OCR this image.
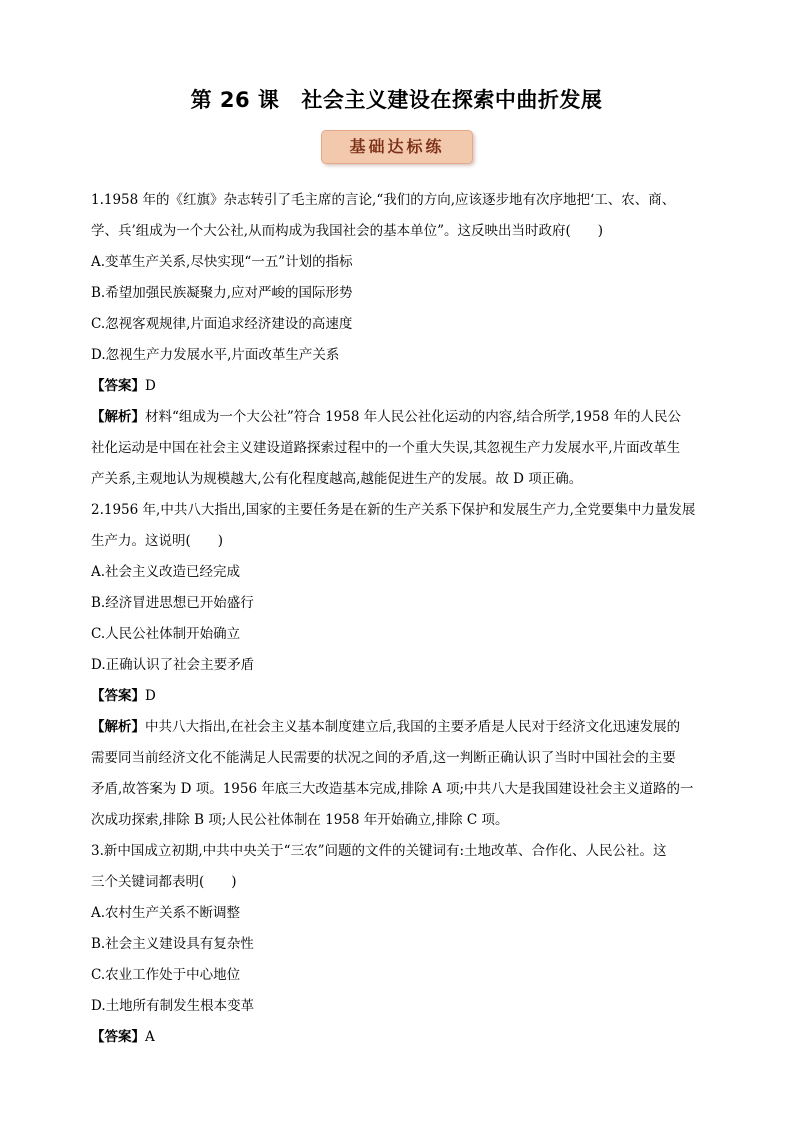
第 26 课 社会主义建设在探索中曲折发展
基础达标练
1.1958 年的《红旗》杂志转引了毛主席的言论,“我们的方向,应该逐步地有次序地把‘工、农、商、
学、兵’组成为一个大公社,从而构成为我国社会的基本单位”。这反映出当时政府(　　)
A.变革生产关系,尽快实现“一五”计划的指标
B.希望加强民族凝聚力,应对严峻的国际形势
C.忽视客观规律,片面追求经济建设的高速度
D.忽视生产力发展水平,片面改革生产关系
【答案】D
【解析】材料“组成为一个大公社”符合 1958 年人民公社化运动的内容,结合所学,1958 年的人民公
社化运动是中国在社会主义建设道路探索过程中的一个重大失误,其忽视生产力发展水平,片面改革生
产关系,主观地认为规模越大,公有化程度越高,越能促进生产的发展。故 D 项正确。
2.1956 年,中共八大指出,国家的主要任务是在新的生产关系下保护和发展生产力,全党要集中力量发展
生产力。这说明(　　)
A.社会主义改造已经完成
B.经济冒进思想已开始盛行
C.人民公社体制开始确立
D.正确认识了社会主要矛盾
【答案】D
【解析】中共八大指出,在社会主义基本制度建立后,我国的主要矛盾是人民对于经济文化迅速发展的
需要同当前经济文化不能满足人民需要的状况之间的矛盾,这一判断正确认识了当时中国社会的主要
矛盾,故答案为 D 项。1956 年底三大改造基本完成,排除 A 项;中共八大是我国建设社会主义道路的一
次成功探索,排除 B 项;人民公社体制在 1958 年开始确立,排除 C 项。
3.新中国成立初期,中共中央关于“三农”问题的文件的关键词有:土地改革、合作化、人民公社。这
三个关键词都表明(　　)
A.农村生产关系不断调整
B.社会主义建设具有复杂性
C.农业工作处于中心地位
D.土地所有制发生根本变革
【答案】A
